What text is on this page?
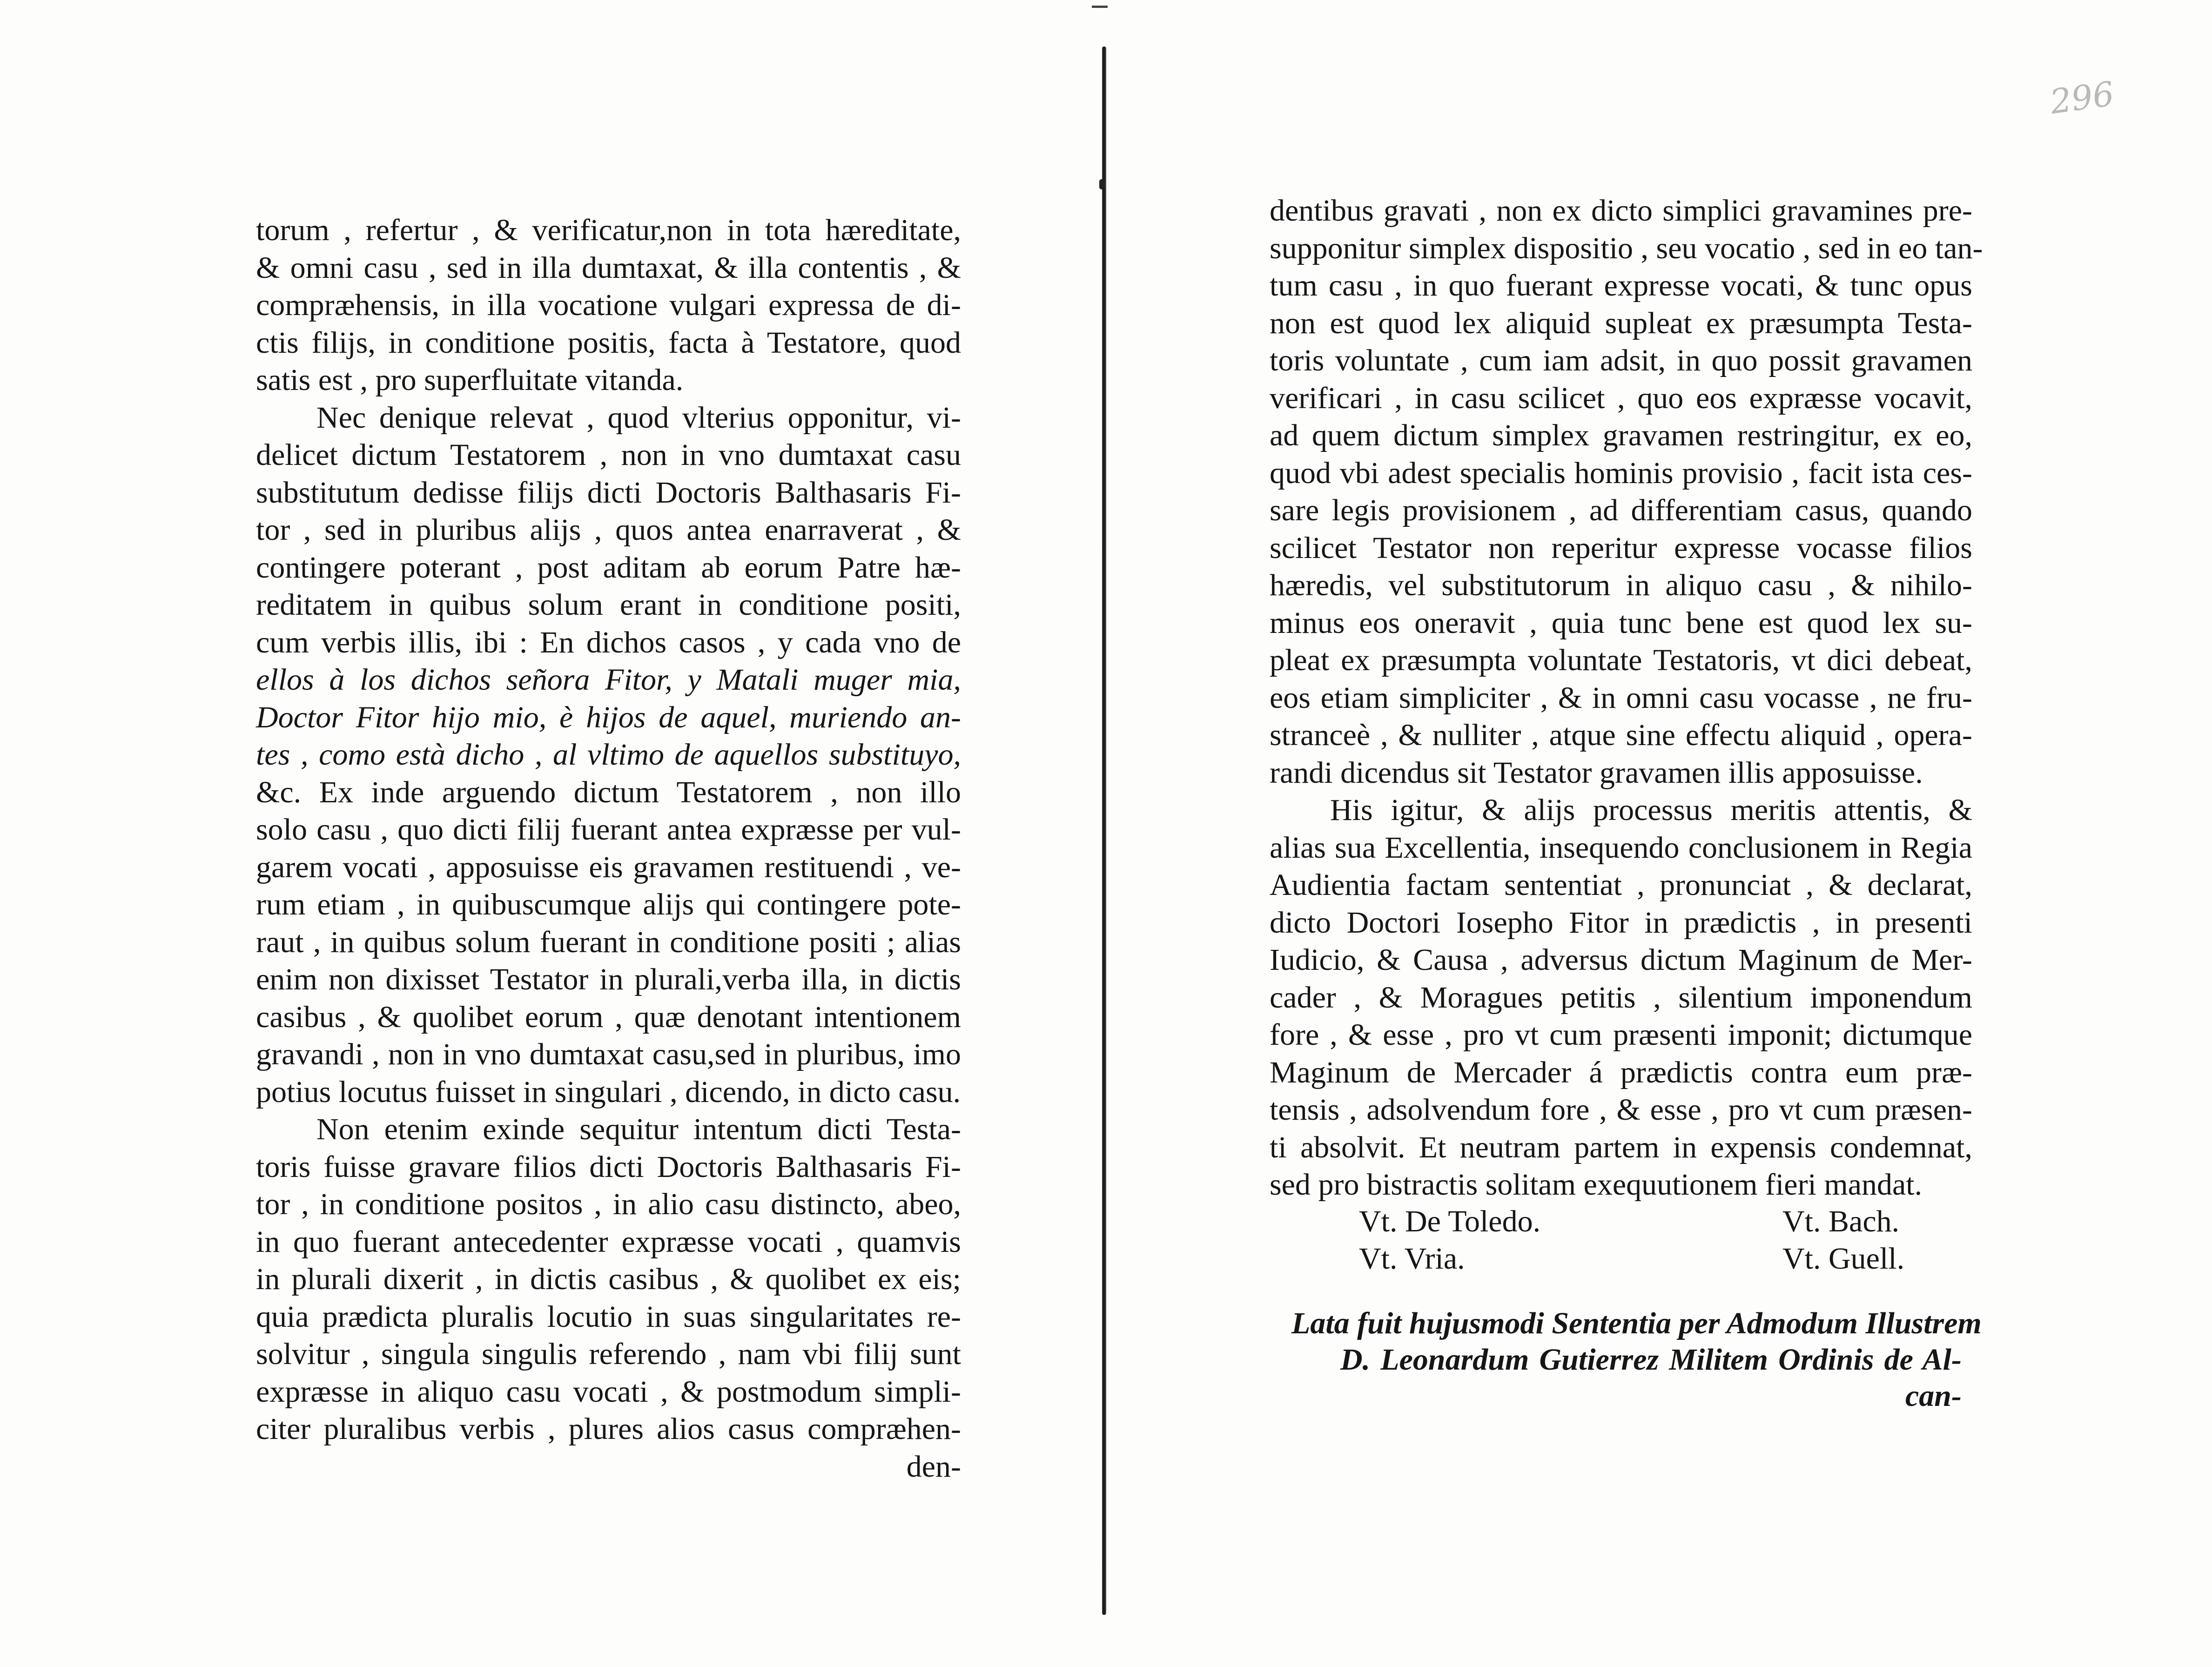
296
torum , refertur , & verificatur,non in tota hæreditate,
& omni casu , sed in illa dumtaxat, & illa contentis , &
compræhensis, in illa vocatione vulgari expressa de di-
ctis filijs, in conditione positis, facta à Testatore, quod
satis est , pro superfluitate vitanda.
Nec denique relevat , quod vlterius opponitur, vi-
delicet dictum Testatorem , non in vno dumtaxat casu
substitutum dedisse filijs dicti Doctoris Balthasaris Fi-
tor , sed in pluribus alijs , quos antea enarraverat , &
contingere poterant , post aditam ab eorum Patre hæ-
reditatem in quibus solum erant in conditione positi,
cum verbis illis, ibi : En dichos casos , y cada vno de
ellos à los dichos señora Fitor, y Matali muger mia,
Doctor Fitor hijo mio, è hijos de aquel, muriendo an-
tes , como està dicho , al vltimo de aquellos substituyo,
&c. Ex inde arguendo dictum Testatorem , non illo
solo casu , quo dicti filij fuerant antea expræsse per vul-
garem vocati , apposuisse eis gravamen restituendi , ve-
rum etiam , in quibuscumque alijs qui contingere pote-
raut , in quibus solum fuerant in conditione positi ; alias
enim non dixisset Testator in plurali,verba illa, in dictis
casibus , & quolibet eorum , quæ denotant intentionem
gravandi , non in vno dumtaxat casu,sed in pluribus, imo
potius locutus fuisset in singulari , dicendo, in dicto casu.
Non etenim exinde sequitur intentum dicti Testa-
toris fuisse gravare filios dicti Doctoris Balthasaris Fi-
tor , in conditione positos , in alio casu distincto, abeo,
in quo fuerant antecedenter expræsse vocati , quamvis
in plurali dixerit , in dictis casibus , & quolibet ex eis;
quia prædicta pluralis locutio in suas singularitates re-
solvitur , singula singulis referendo , nam vbi filij sunt
expræsse in aliquo casu vocati , & postmodum simpli-
citer pluralibus verbis , plures alios casus compræhen-
den-
dentibus gravati , non ex dicto simplici gravamines pre-
supponitur simplex dispositio , seu vocatio , sed in eo tan-
tum casu , in quo fuerant expresse vocati, & tunc opus
non est quod lex aliquid supleat ex præsumpta Testa-
toris voluntate , cum iam adsit, in quo possit gravamen
verificari , in casu scilicet , quo eos expræsse vocavit,
ad quem dictum simplex gravamen restringitur, ex eo,
quod vbi adest specialis hominis provisio , facit ista ces-
sare legis provisionem , ad differentiam casus, quando
scilicet Testator non reperitur expresse vocasse filios
hæredis, vel substitutorum in aliquo casu , & nihilo-
minus eos oneravit , quia tunc bene est quod lex su-
pleat ex præsumpta voluntate Testatoris, vt dici debeat,
eos etiam simpliciter , & in omni casu vocasse , ne fru-
stranceè , & nulliter , atque sine effectu aliquid , opera-
randi dicendus sit Testator gravamen illis apposuisse.
His igitur, & alijs processus meritis attentis, &
alias sua Excellentia, insequendo conclusionem in Regia
Audientia factam sententiat , pronunciat , & declarat,
dicto Doctori Iosepho Fitor in prædictis , in presenti
Iudicio, & Causa , adversus dictum Maginum de Mer-
cader , & Moragues petitis , silentium imponendum
fore , & esse , pro vt cum præsenti imponit; dictumque
Maginum de Mercader á prædictis contra eum præ-
tensis , adsolvendum fore , & esse , pro vt cum præsen-
ti absolvit. Et neutram partem in expensis condemnat,
sed pro bistractis solitam exequutionem fieri mandat.
Vt. De Toledo.
Vt. Vria.
Vt. Bach.
Vt. Guell.
Lata fuit hujusmodi Sententia per Admodum Illustrem
D. Leonardum Gutierrez Militem Ordinis de Al-
can-
